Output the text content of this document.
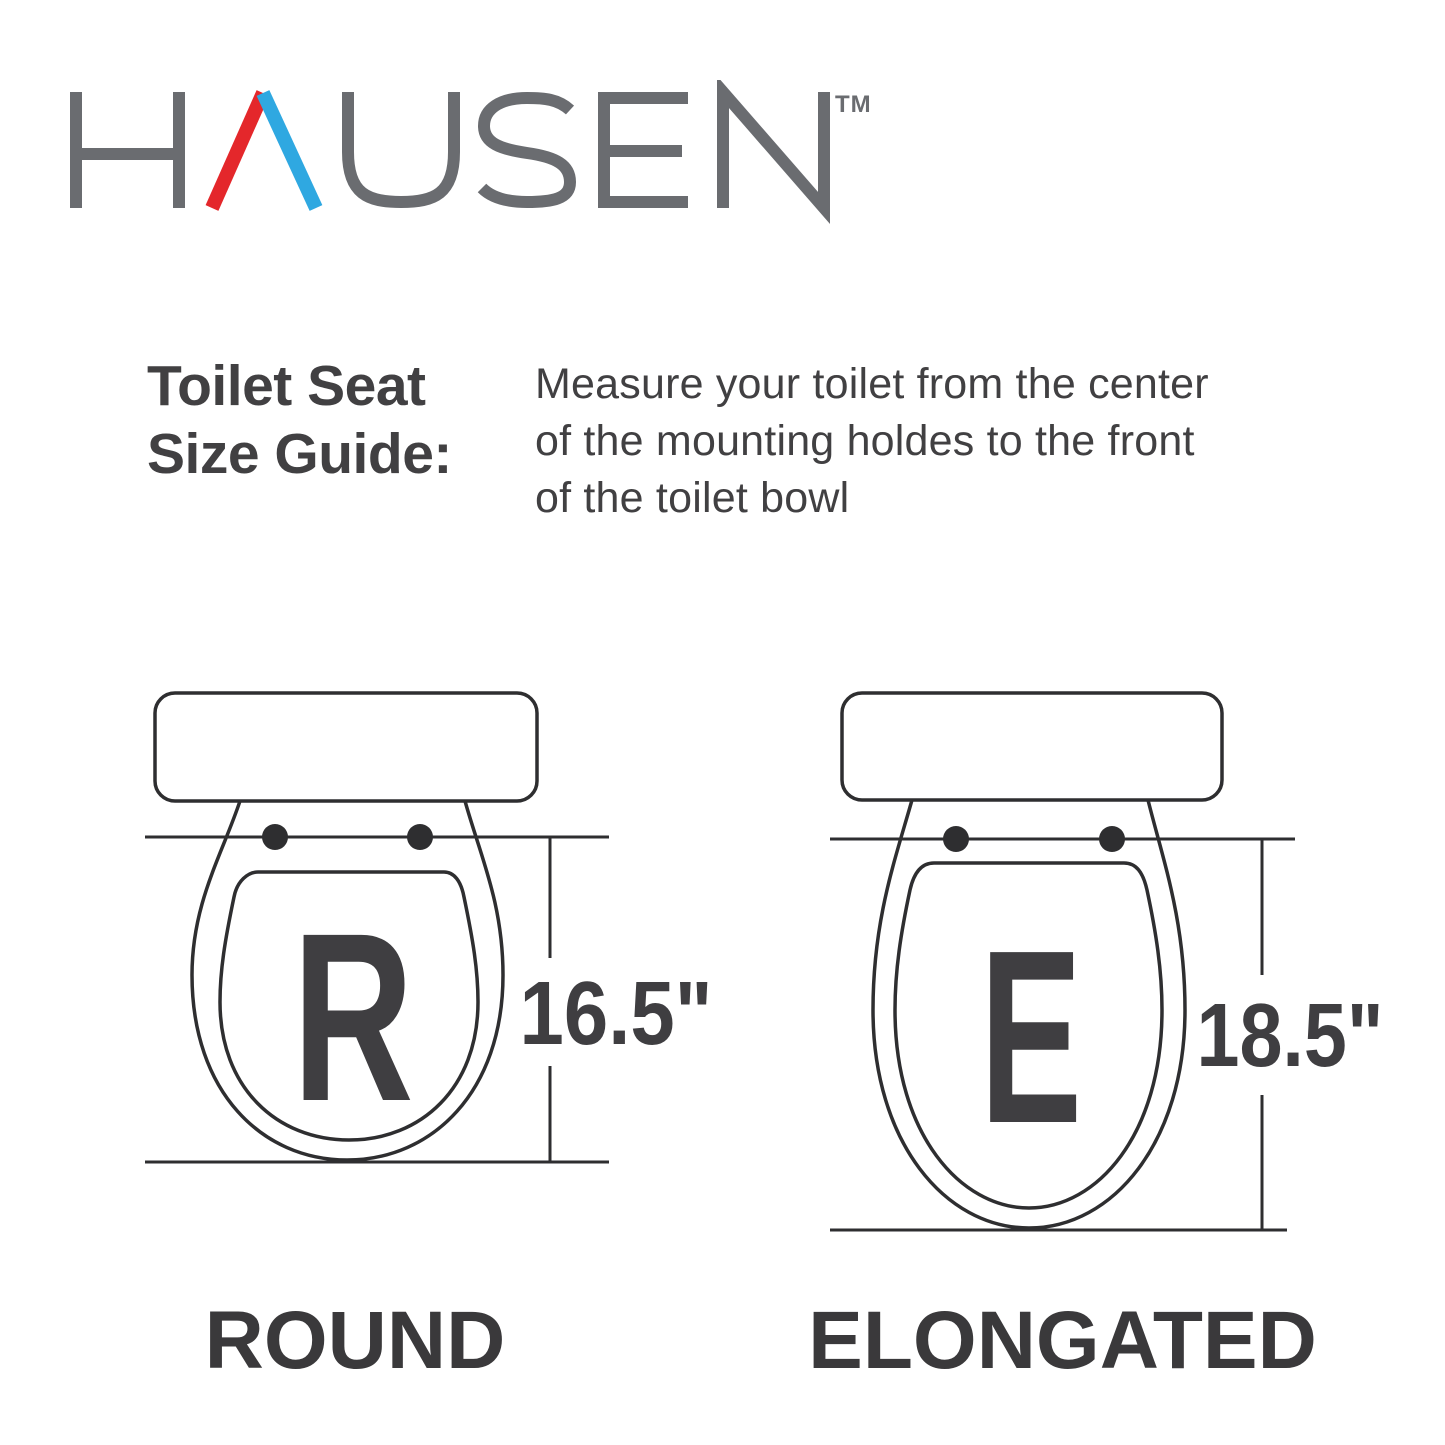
TM
Toilet Seat
Size Guide:
Measure your toilet from the center
of the mounting holdes to the front
of the toilet bowl
16.5"
R	18.5"
E
ROUND	ELONGATED
